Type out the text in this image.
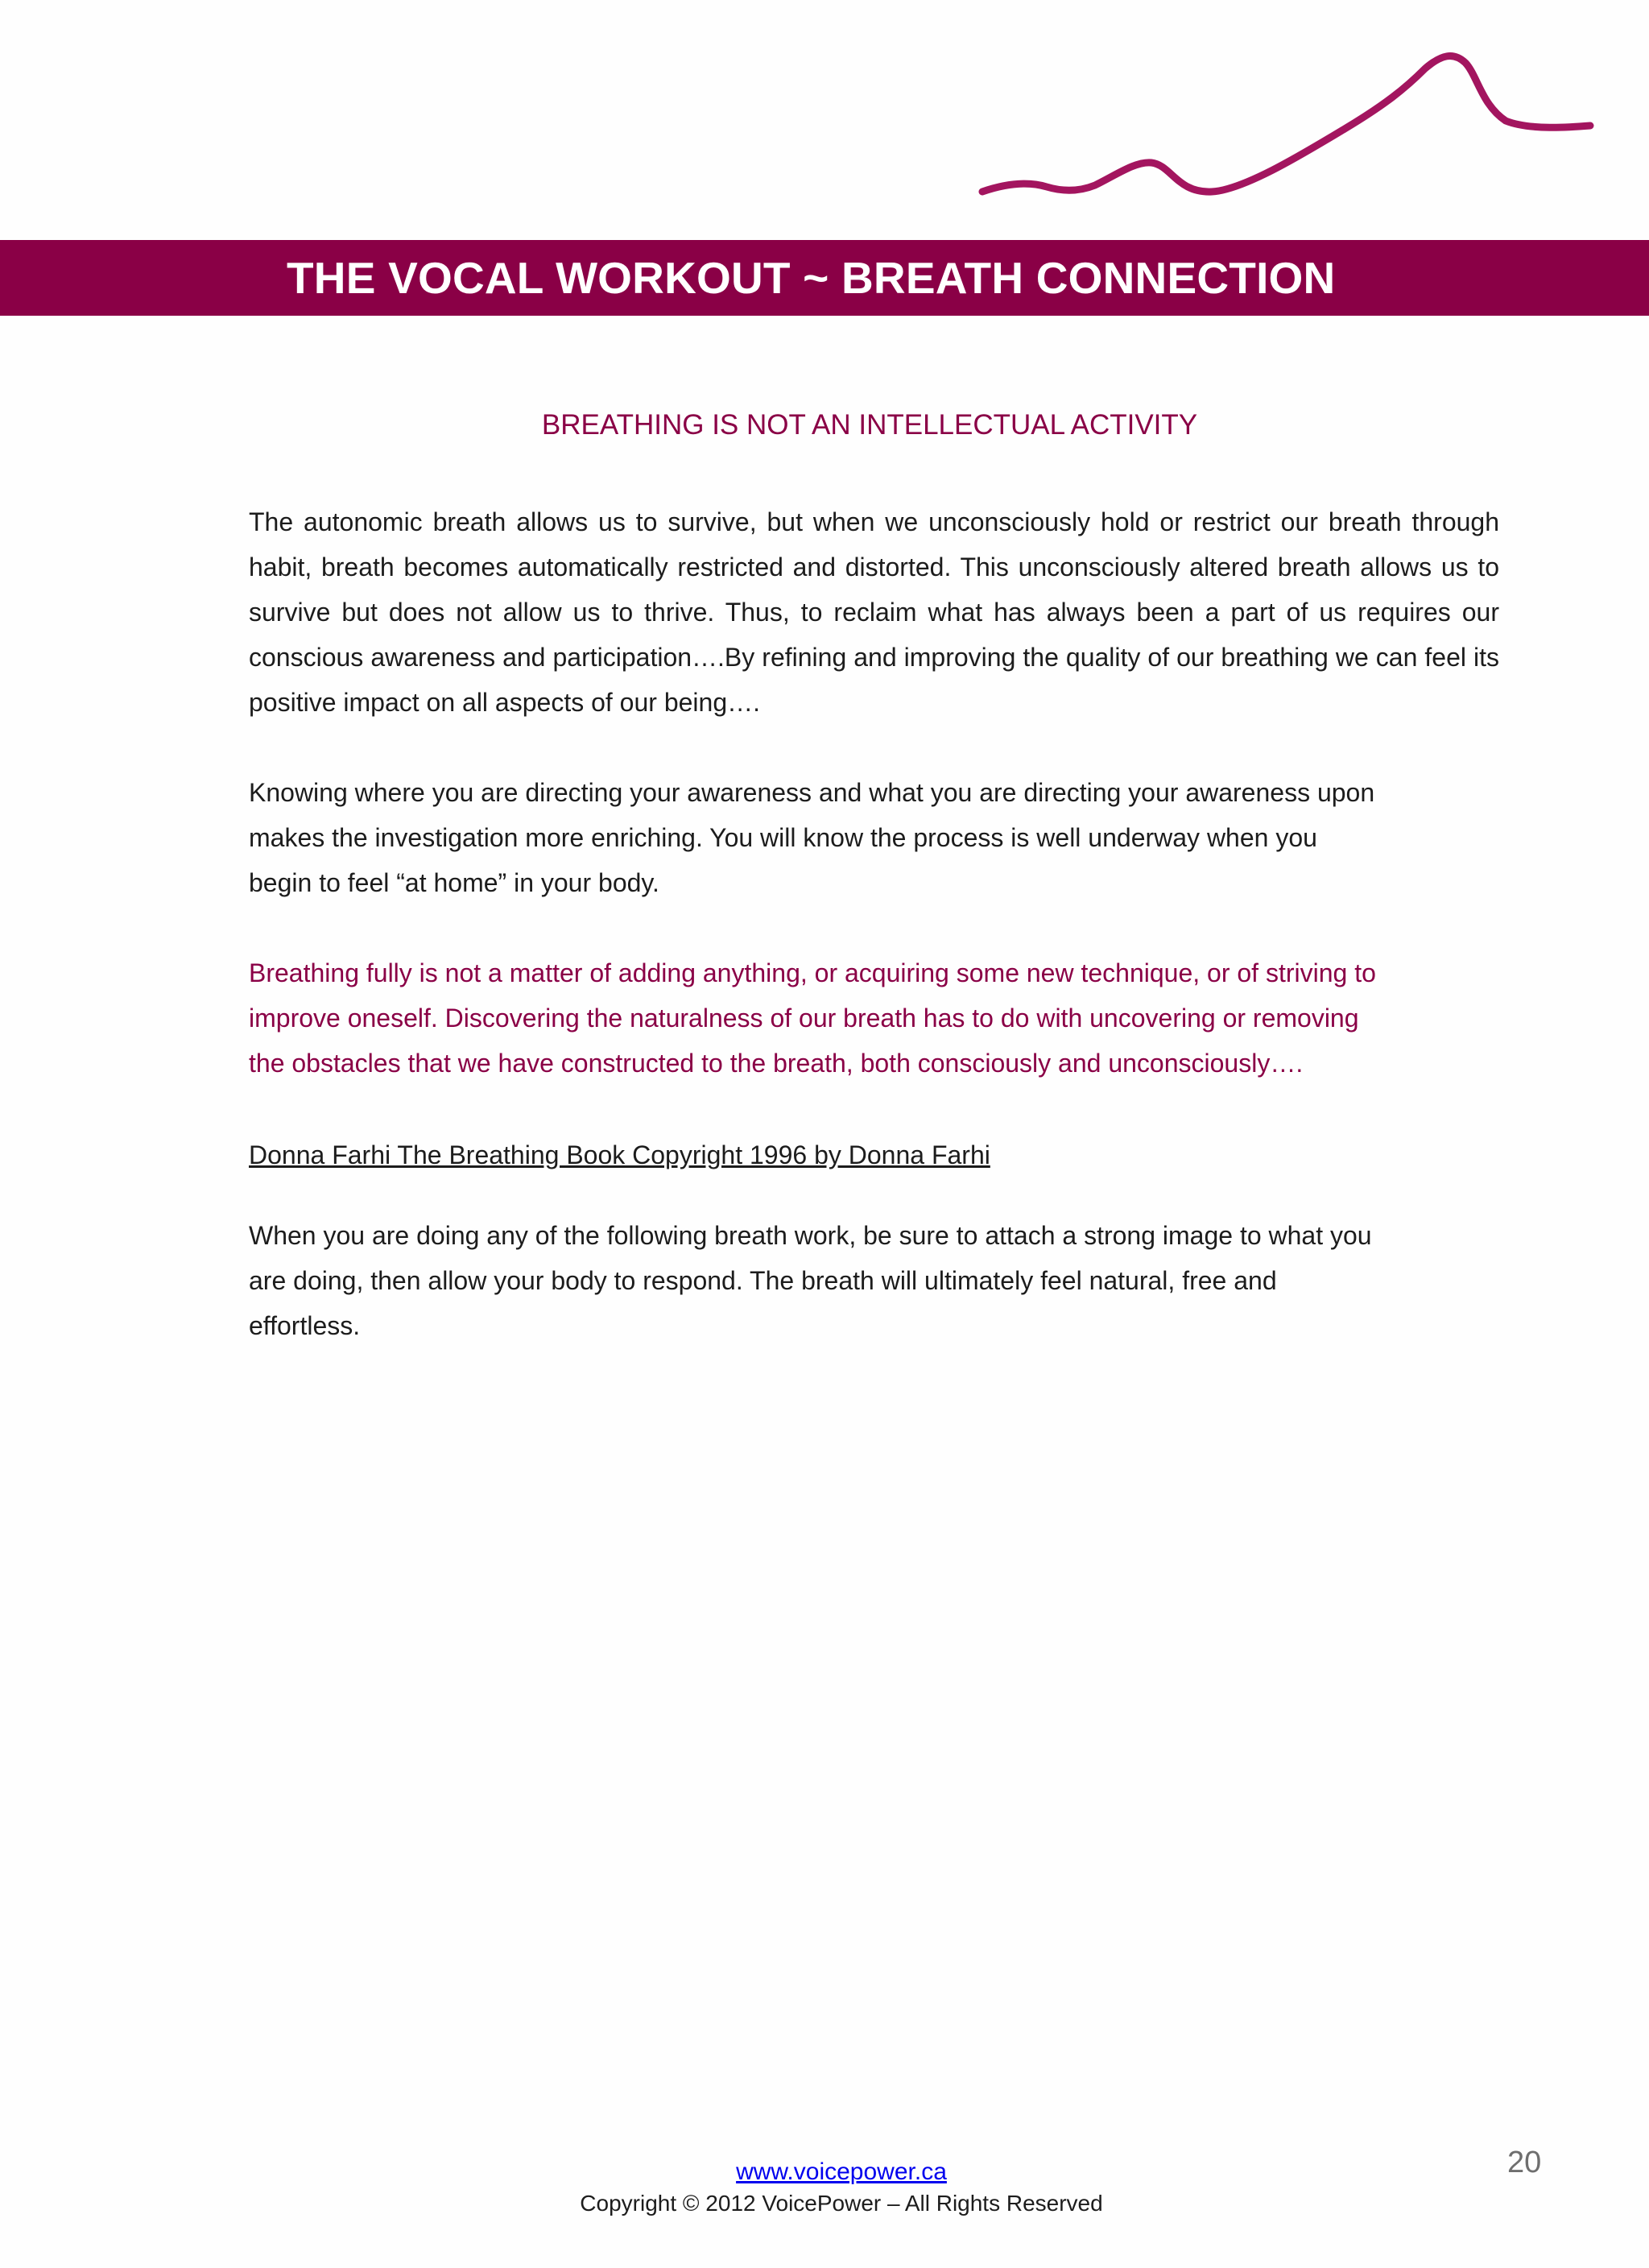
THE VOCAL WORKOUT ~ BREATH CONNECTION
BREATHING IS NOT AN INTELLECTUAL ACTIVITY

The autonomic breath allows us to survive, but when we unconsciously hold or restrict our breath through habit, breath becomes automatically restricted and distorted. This unconsciously altered breath allows us to survive but does not allow us to thrive. Thus, to reclaim what has always been a part of us requires our conscious awareness and participation….By refining and improving the quality of our breathing we can feel its positive impact on all aspects of our being….

Knowing where you are directing your awareness and what you are directing your awareness upon
makes the investigation more enriching. You will know the process is well underway when you
begin to feel “at home” in your body.
Breathing fully is not a matter of adding anything, or acquiring some new technique, or of striving to
improve oneself. Discovering the naturalness of our breath has to do with uncovering or removing
the obstacles that we have constructed to the breath, both consciously and unconsciously….
Donna Farhi The Breathing Book Copyright 1996 by Donna Farhi
When you are doing any of the following breath work, be sure to attach a strong image to what you
are doing, then allow your body to respond. The breath will ultimately feel natural, free and
effortless.
www.voicepower.ca
Copyright © 2012 VoicePower – All Rights Reserved
20
